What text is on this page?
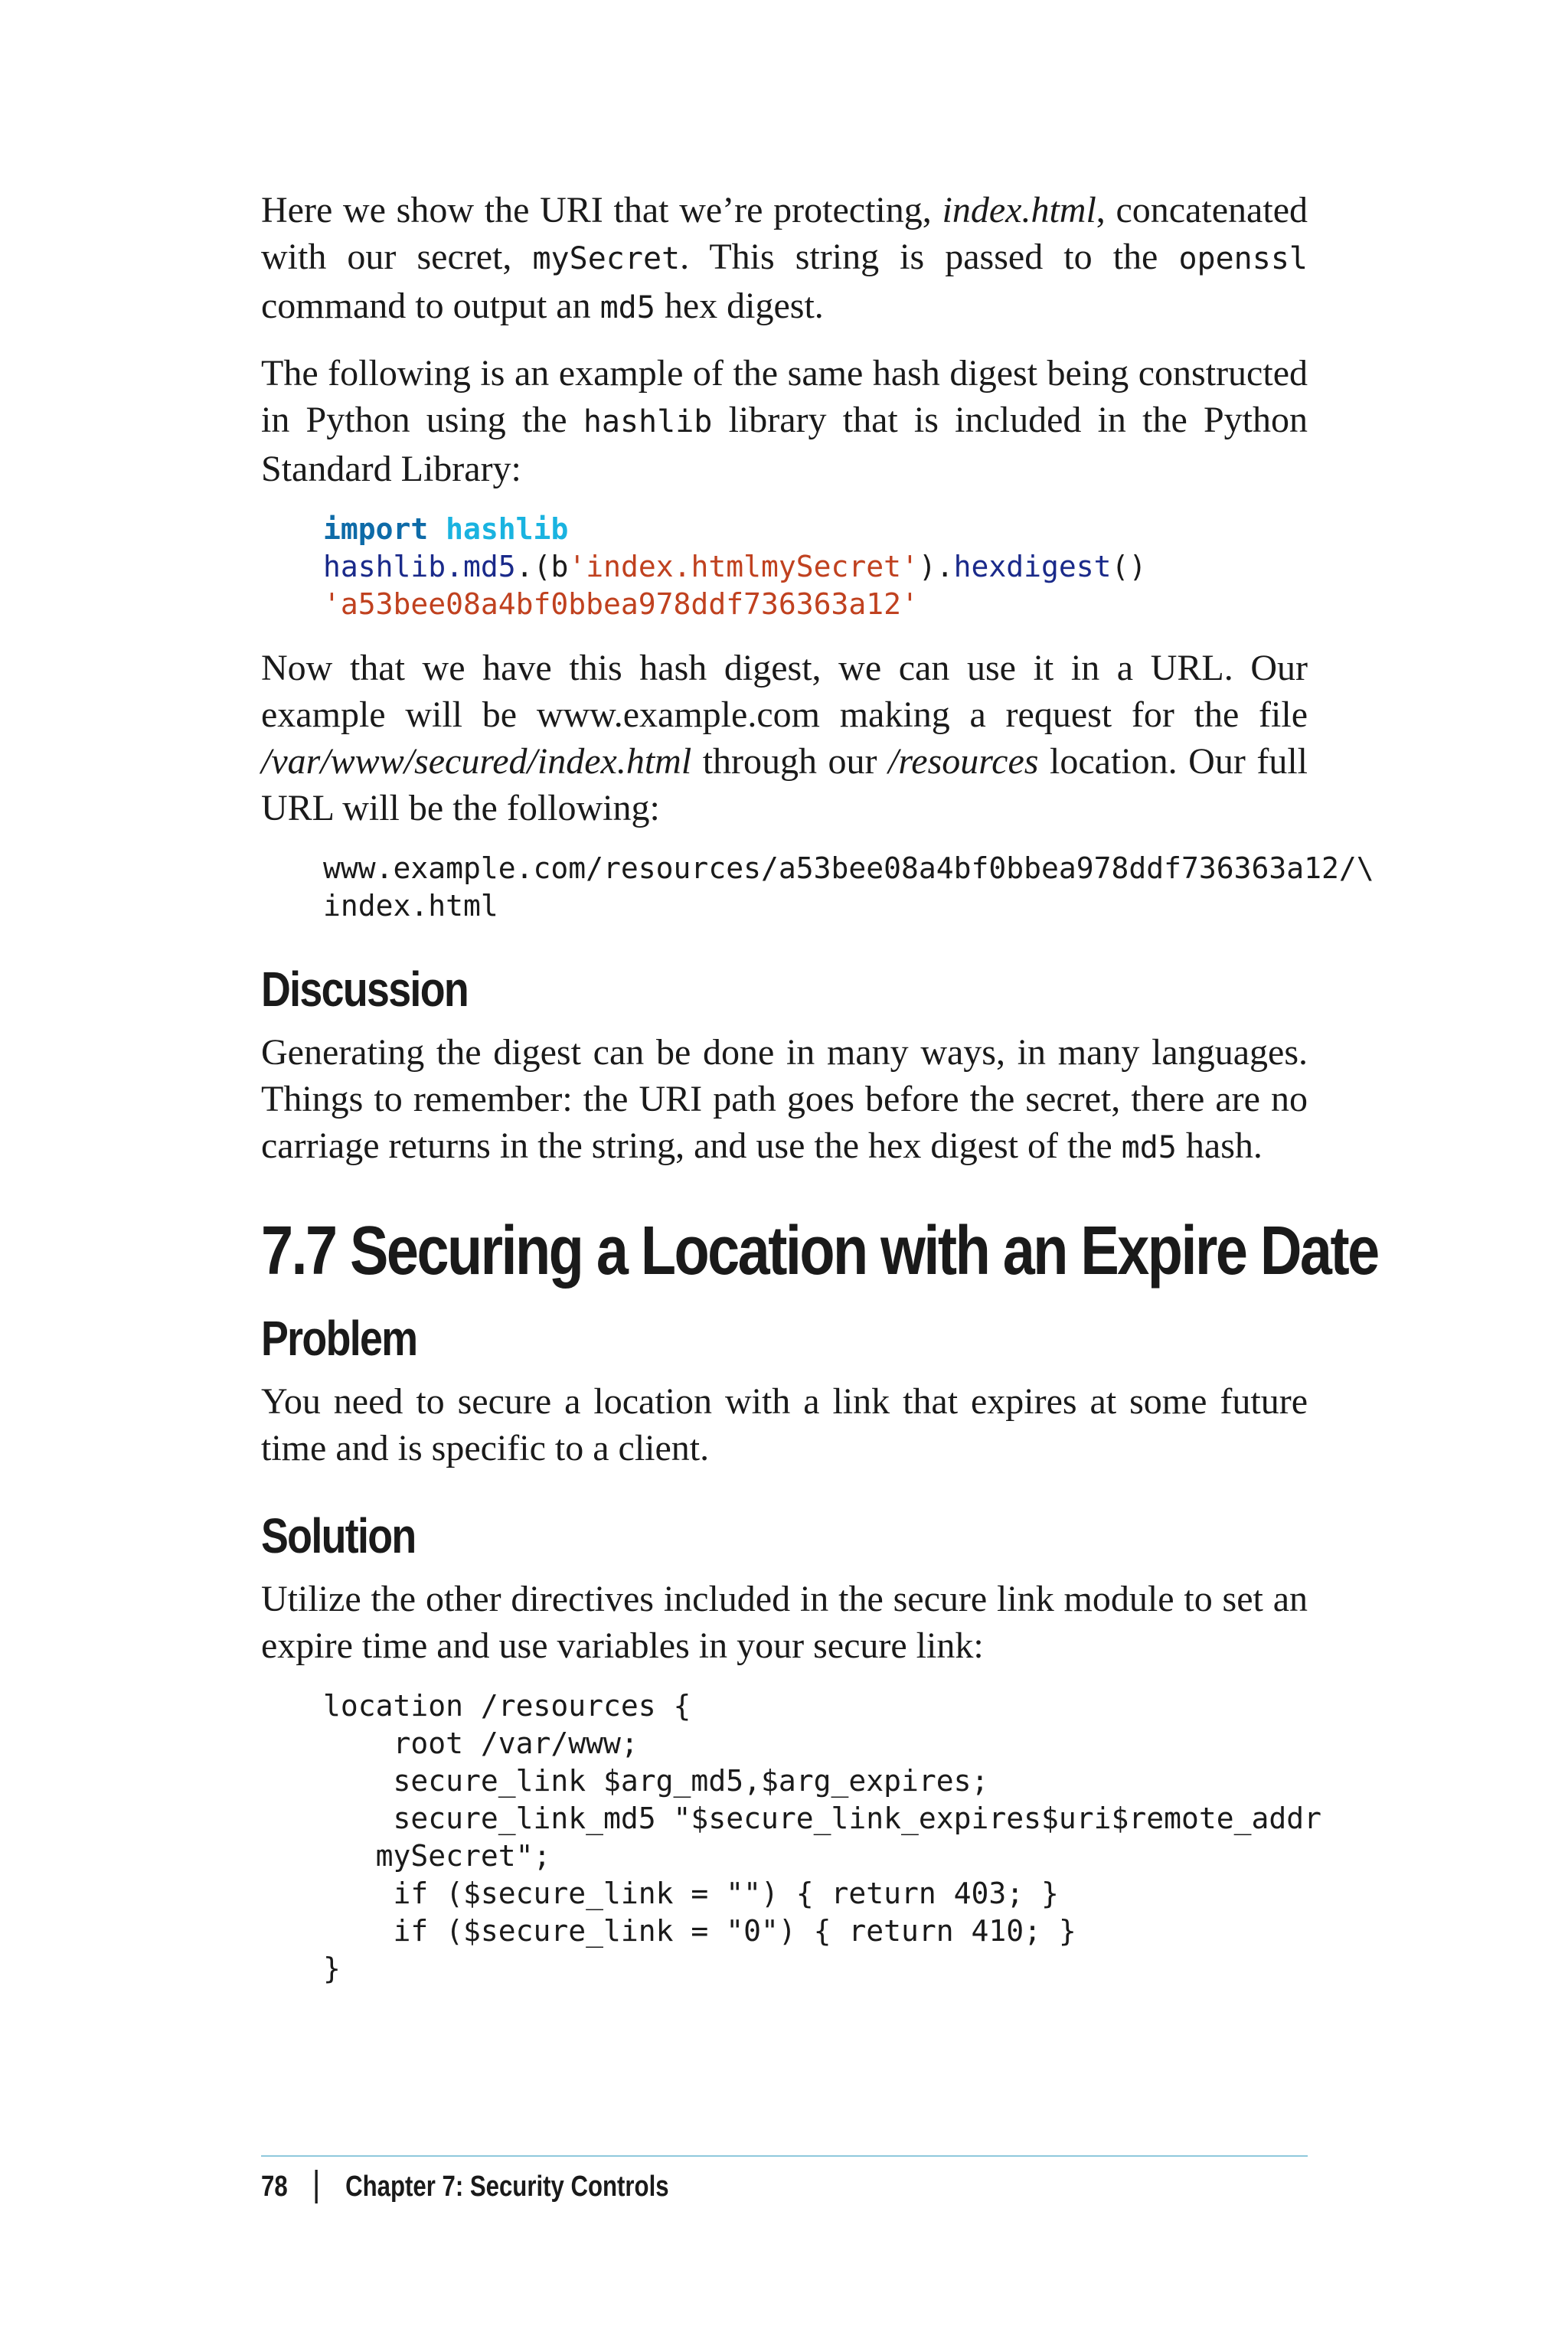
Here we show the URI that we’re protecting, index.html, concatenated with our secret, mySecret. This string is passed to the openssl command to output an md5 hex digest.

The following is an example of the same hash digest being constructed in Python using the hashlib library that is included in the Python Standard Library:

import hashlib
hashlib.md5.(b'index.htmlmySecret').hexdigest()
'a53bee08a4bf0bbea978ddf736363a12'

Now that we have this hash digest, we can use it in a URL. Our example will be www.example.com making a request for the file /var/www/secured/index.html through our /resources location. Our full URL will be the following:

www.example.com/resources/a53bee08a4bf0bbea978ddf736363a12/\
index.html
Discussion

Generating the digest can be done in many ways, in many languages. Things to remember: the URI path goes before the secret, there are no carriage returns in the string, and use the hex digest of the md5 hash.

7.7 Securing a Location with an Expire Date
Problem

You need to secure a location with a link that expires at some future time and is specific to a client.

Solution

Utilize the other directives included in the secure link module to set an expire time and use variables in your secure link:

location /resources {
root /var/www;
secure_link $arg_md5,$arg_expires;
secure_link_md5 "$secure_link_expires$uri$remote_addr
mySecret";
if ($secure_link = "") { return 403; }
if ($secure_link = "0") { return 410; }
}
78 Chapter 7: Security Controls
